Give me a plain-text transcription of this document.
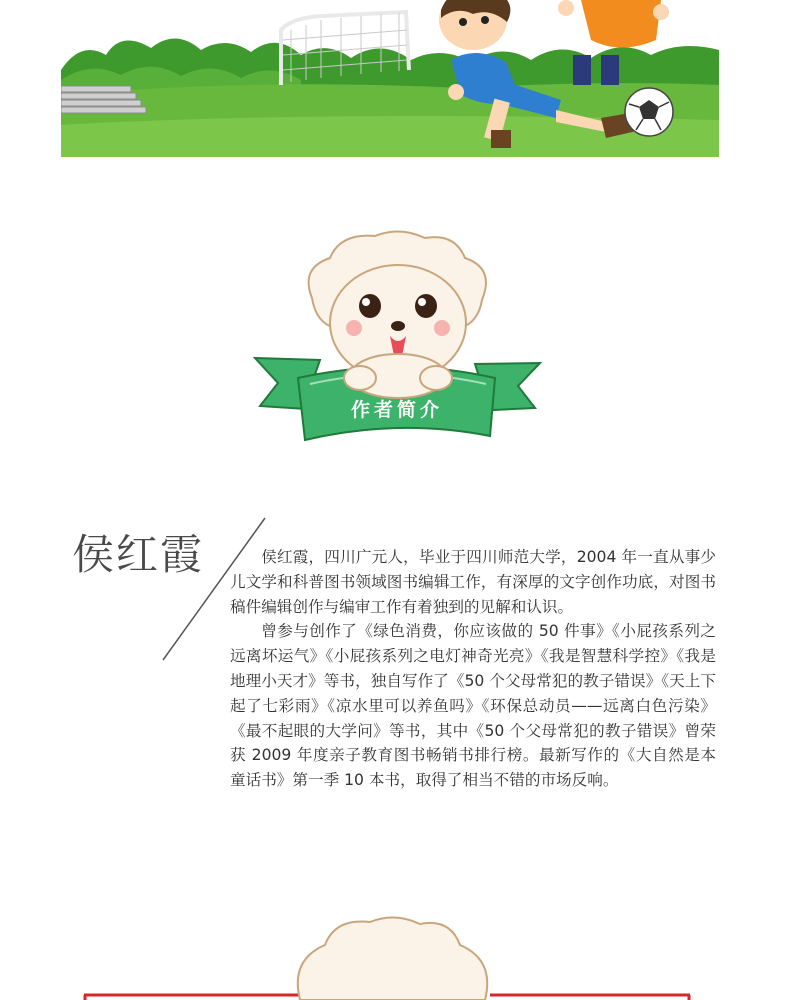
作者简介
侯红霞	侯红霞，四川广元人，毕业于四川师范大学，2004 年一直从事少儿文学和科普图书领域图书编辑工作，有深厚的文字创作功底，对图书稿件编辑创作与编审工作有着独到的见解和认识。

曾参与创作了《绿色消费，你应该做的 50 件事》《小屁孩系列之远离坏运气》《小屁孩系列之电灯神奇光亮》《我是智慧科学控》《我是地理小天才》等书，独自写作了《50 个父母常犯的教子错误》《天上下起了七彩雨》《凉水里可以养鱼吗》《环保总动员——远离白色污染》《最不起眼的大学问》等书，其中《50 个父母常犯的教子错误》曾荣获 2009 年度亲子教育图书畅销书排行榜。最新写作的《大自然是本童话书》第一季 10 本书，取得了相当不错的市场反响。
